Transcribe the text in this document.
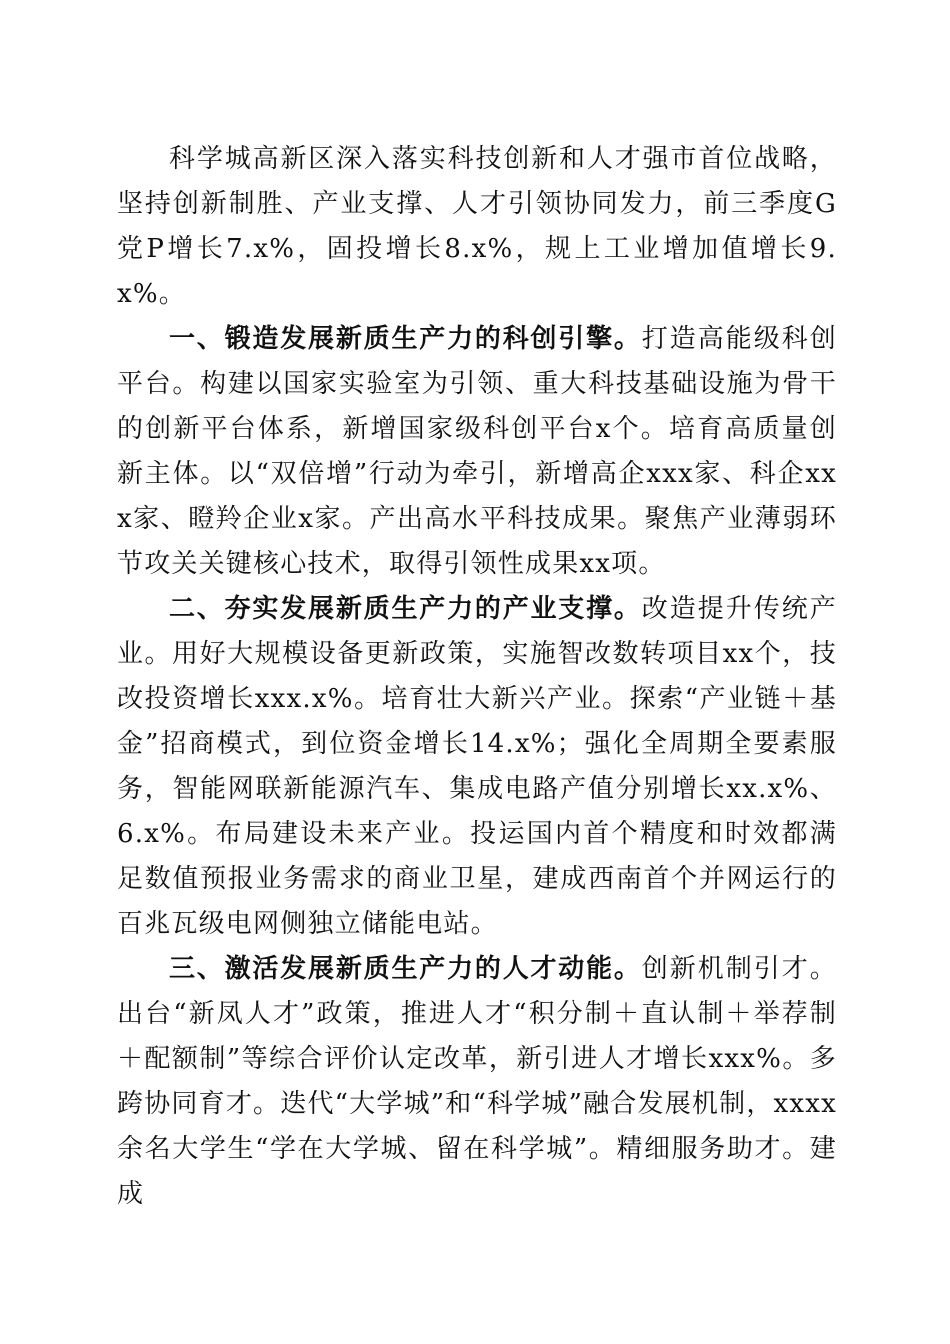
科学城高新区深入落实科技创新和人才强市首位战略，坚持创新制胜、产业支撑、人才引领协同发力，前三季度G党P增长7.x%，固投增长8.x%，规上工业增加值增长9.x%。

一、锻造发展新质生产力的科创引擎。打造高能级科创平台。构建以国家实验室为引领、重大科技基础设施为骨干的创新平台体系，新增国家级科创平台x个。培育高质量创新主体。以“双倍增”行动为牵引，新增高企xxx家、科企xxx家、瞪羚企业x家。产出高水平科技成果。聚焦产业薄弱环节攻关关键核心技术，取得引领性成果xx项。

二、夯实发展新质生产力的产业支撑。改造提升传统产业。用好大规模设备更新政策，实施智改数转项目xx个，技改投资增长xxx.x%。培育壮大新兴产业。探索“产业链＋基金”招商模式，到位资金增长14.x%；强化全周期全要素服务，智能网联新能源汽车、集成电路产值分别增长xx.x%、6.x%。布局建设未来产业。投运国内首个精度和时效都满足数值预报业务需求的商业卫星，建成西南首个并网运行的百兆瓦级电网侧独立储能电站。

三、激活发展新质生产力的人才动能。创新机制引才。出台“新凤人才”政策，推进人才“积分制＋直认制＋举荐制＋配额制”等综合评价认定改革，新引进人才增长xxx%。多跨协同育才。迭代“大学城”和“科学城”融合发展机制，xxxx余名大学生“学在大学城、留在科学城”。精细服务助才。建成
